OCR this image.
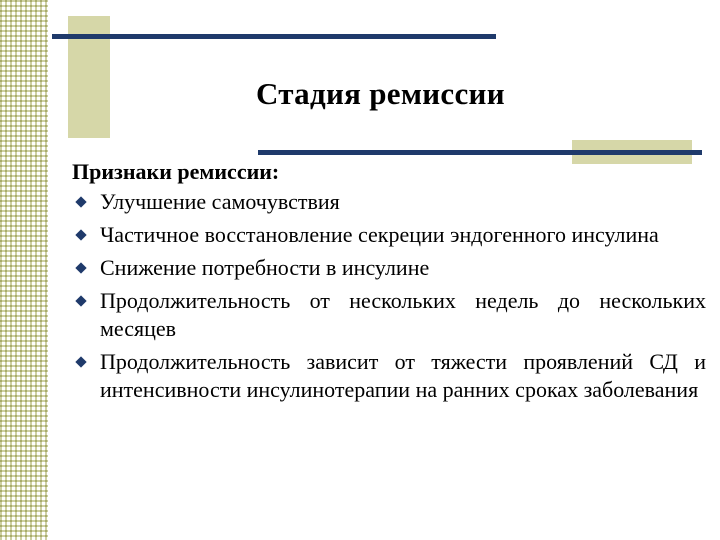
Стадия ремиссии
Признаки ремиссии:
Улучшение самочувствия
Частичное восстановление секреции эндогенного инсулина
Снижение потребности в инсулине
Продолжительность от нескольких недель до нескольких месяцев
Продолжительность зависит от тяжести проявлений СД и интенсивности инсулинотерапии на ранних сроках заболевания
